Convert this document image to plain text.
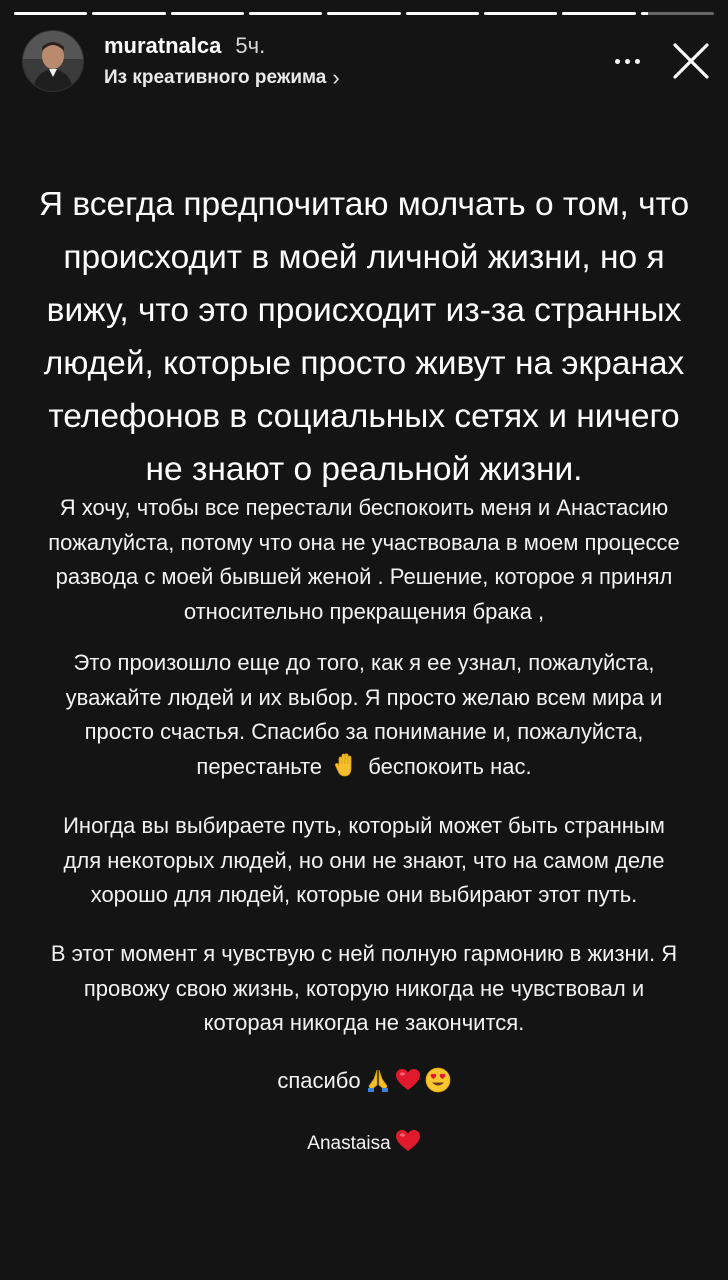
muratnalca 5ч.
Из креативного режима ›
Я всегда предпочитаю молчать о том, что
происходит в моей личной жизни, но я
вижу, что это происходит из-за странных
людей, которые просто живут на экранах
телефонов в социальных сетях и ничего
не знают о реальной жизни.
Я хочу, чтобы все перестали беспокоить меня и Анастасию
пожалуйста, потому что она не участвовала в моем процессе
развода с моей бывшей женой . Решение, которое я принял
относительно прекращения брака ,
Это произошло еще до того, как я ее узнал, пожалуйста,
уважайте людей и их выбор. Я просто желаю всем мира и
просто счастья. Спасибо за понимание и, пожалуйста,
перестаньте беспокоить нас.
Иногда вы выбираете путь, который может быть странным
для некоторых людей, но они не знают, что на самом деле
хорошо для людей, которые они выбирают этот путь.
В этот момент я чувствую с ней полную гармонию в жизни. Я
провожу свою жизнь, которую никогда не чувствовал и
которая никогда не закончится.
спасибо
Anastaisa
